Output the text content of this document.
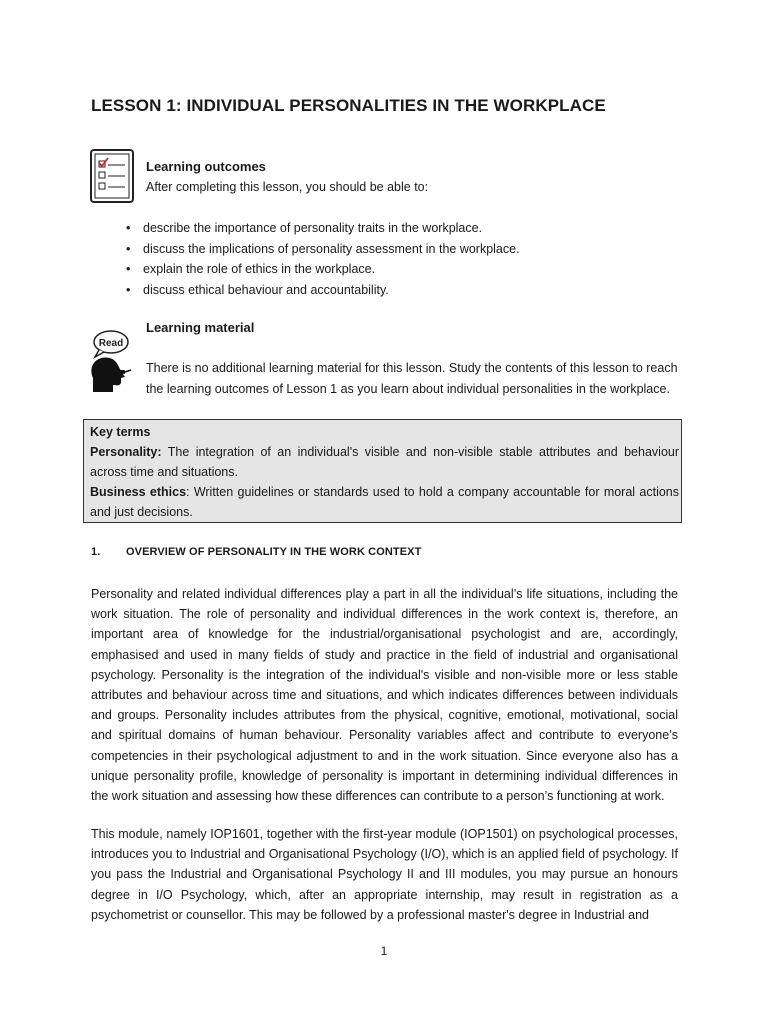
LESSON 1: INDIVIDUAL PERSONALITIES IN THE WORKPLACE
Learning outcomes
After completing this lesson, you should be able to:
• describe the importance of personality traits in the workplace.
• discuss the implications of personality assessment in the workplace.
• explain the role of ethics in the workplace.
• discuss ethical behaviour and accountability.
Read
Learning material

There is no additional learning material for this lesson. Study the contents of this lesson to reach the learning outcomes of Lesson 1 as you learn about individual personalities in the workplace.

Key terms

Personality: The integration of an individual's visible and non-visible stable attributes and behaviour across time and situations.

Business ethics: Written guidelines or standards used to hold a company accountable for moral actions and just decisions.

1. OVERVIEW OF PERSONALITY IN THE WORK CONTEXT

Personality and related individual differences play a part in all the individual’s life situations, including the work situation. The role of personality and individual differences in the work context is, therefore, an important area of knowledge for the industrial/organisational psychologist and are, accordingly, emphasised and used in many fields of study and practice in the field of industrial and organisational psychology. Personality is the integration of the individual's visible and non-visible more or less stable attributes and behaviour across time and situations, and which indicates differences between individuals and groups. Personality includes attributes from the physical, cognitive, emotional, motivational, social and spiritual domains of human behaviour. Personality variables affect and contribute to everyone’s competencies in their psychological adjustment to and in the work situation. Since everyone also has a unique personality profile, knowledge of personality is important in determining individual differences in the work situation and assessing how these differences can contribute to a person’s functioning at work.

This module, namely IOP1601, together with the first-year module (IOP1501) on psychological processes, introduces you to Industrial and Organisational Psychology (I/O), which is an applied field of psychology. If you pass the Industrial and Organisational Psychology II and III modules, you may pursue an honours degree in I/O Psychology, which, after an appropriate internship, may result in registration as a psychometrist or counsellor. This may be followed by a professional master's degree in Industrial and

1
